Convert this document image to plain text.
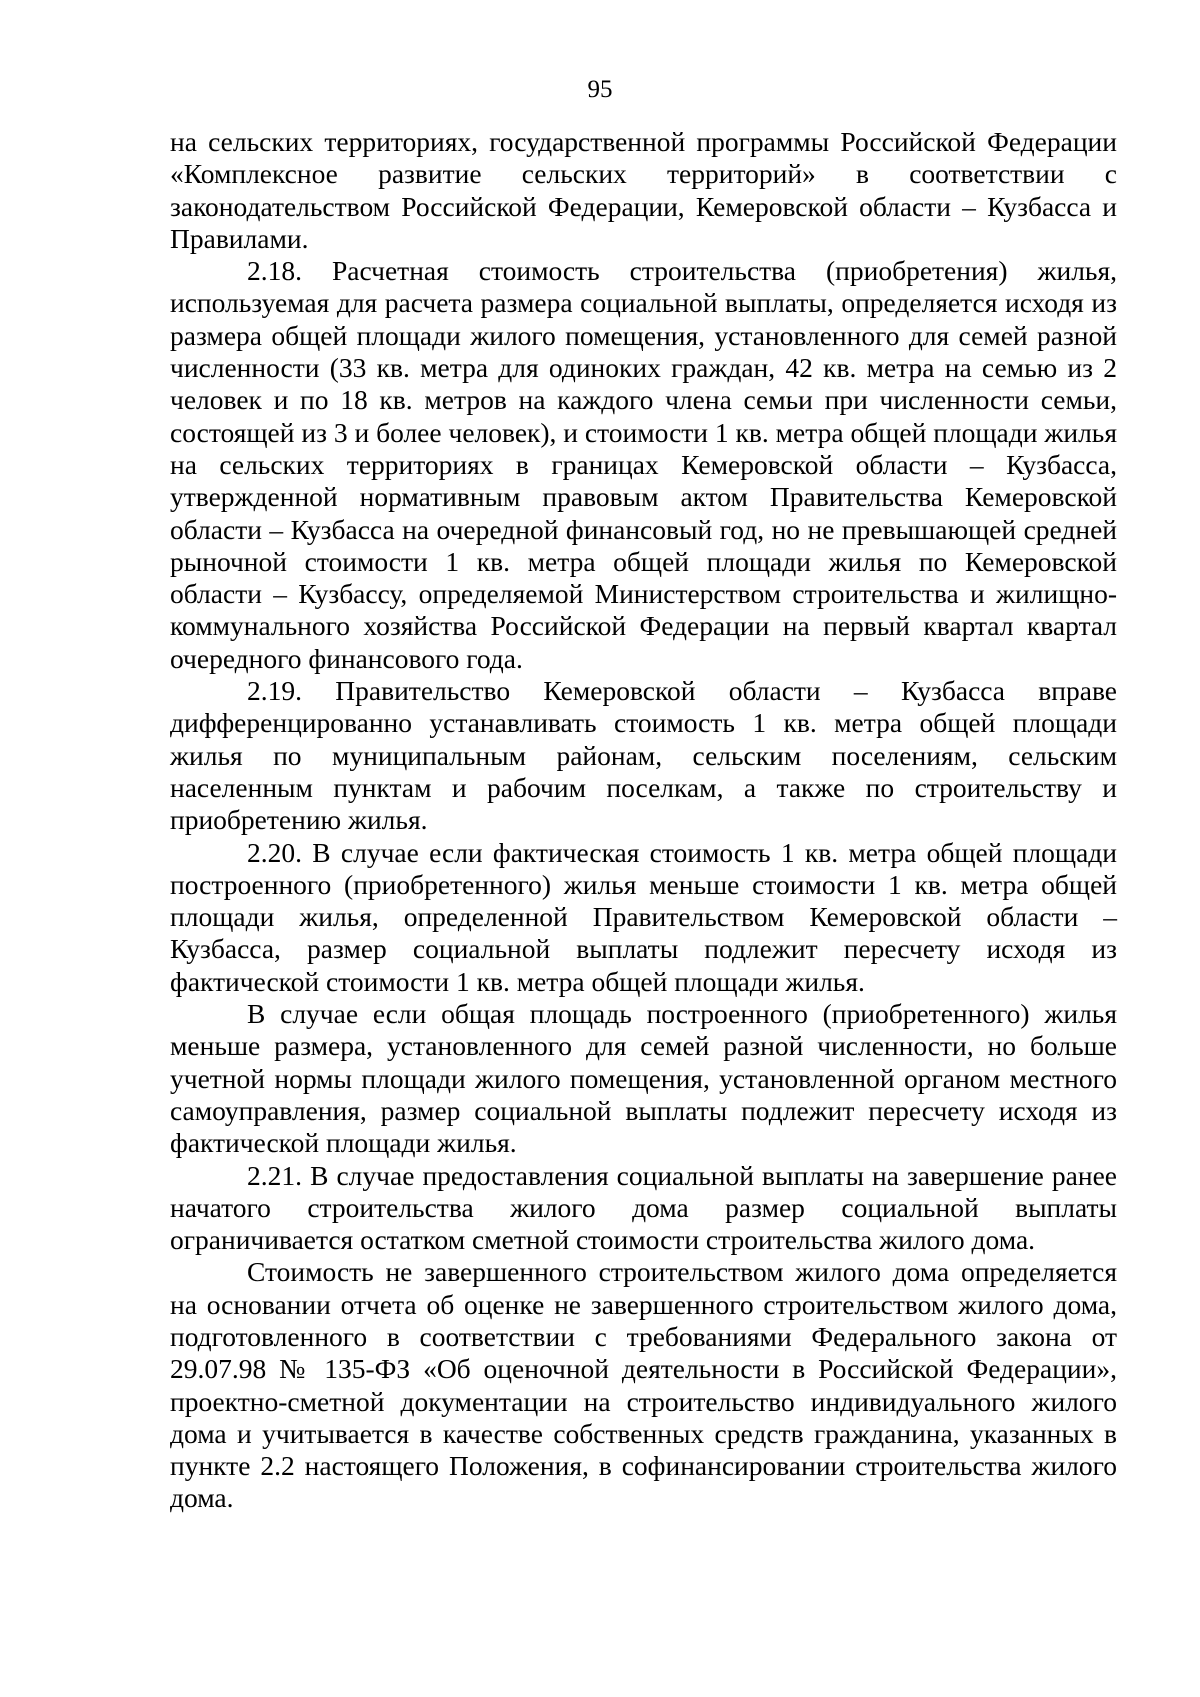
95

на сельских территориях, государственной программы Российской Федерации «Комплексное развитие сельских территорий» в соответствии с законодательством Российской Федерации, Кемеровской области – Кузбасса и Правилами.

2.18. Расчетная стоимость строительства (приобретения) жилья, используемая для расчета размера социальной выплаты, определяется исходя из размера общей площади жилого помещения, установленного для семей разной численности (33 кв. метра для одиноких граждан, 42 кв. метра на семью из 2 человек и по 18 кв. метров на каждого члена семьи при численности семьи, состоящей из 3 и более человек), и стоимости 1 кв. метра общей площади жилья на сельских территориях в границах Кемеровской области – Кузбасса, утвержденной нормативным правовым актом Правительства Кемеровской области – Кузбасса на очередной финансовый год, но не превышающей средней рыночной стоимости 1 кв. метра общей площади жилья по Кемеровской области – Кузбассу, определяемой Министерством строительства и жилищно-коммунального хозяйства Российской Федерации на первый квартал квартал очередного финансового года.

2.19. Правительство Кемеровской области – Кузбасса вправе дифференцированно устанавливать стоимость 1 кв. метра общей площади жилья по муниципальным районам, сельским поселениям, сельским населенным пунктам и рабочим поселкам, а также по строительству и приобретению жилья.

2.20. В случае если фактическая стоимость 1 кв. метра общей площади построенного (приобретенного) жилья меньше стоимости 1 кв. метра общей площади жилья, определенной Правительством Кемеровской области – Кузбасса, размер социальной выплаты подлежит пересчету исходя из фактической стоимости 1 кв. метра общей площади жилья.

В случае если общая площадь построенного (приобретенного) жилья меньше размера, установленного для семей разной численности, но больше учетной нормы площади жилого помещения, установленной органом местного самоуправления, размер социальной выплаты подлежит пересчету исходя из фактической площади жилья.

2.21. В случае предоставления социальной выплаты на завершение ранее начатого строительства жилого дома размер социальной выплаты ограничивается остатком сметной стоимости строительства жилого дома.

Стоимость не завершенного строительством жилого дома определяется на основании отчета об оценке не завершенного строительством жилого дома, подготовленного в соответствии с требованиями Федерального закона от 29.07.98 № 135-ФЗ «Об оценочной деятельности в Российской Федерации», проектно-сметной документации на строительство индивидуального жилого дома и учитывается в качестве собственных средств гражданина, указанных в пункте 2.2 настоящего Положения, в софинансировании строительства жилого дома.
